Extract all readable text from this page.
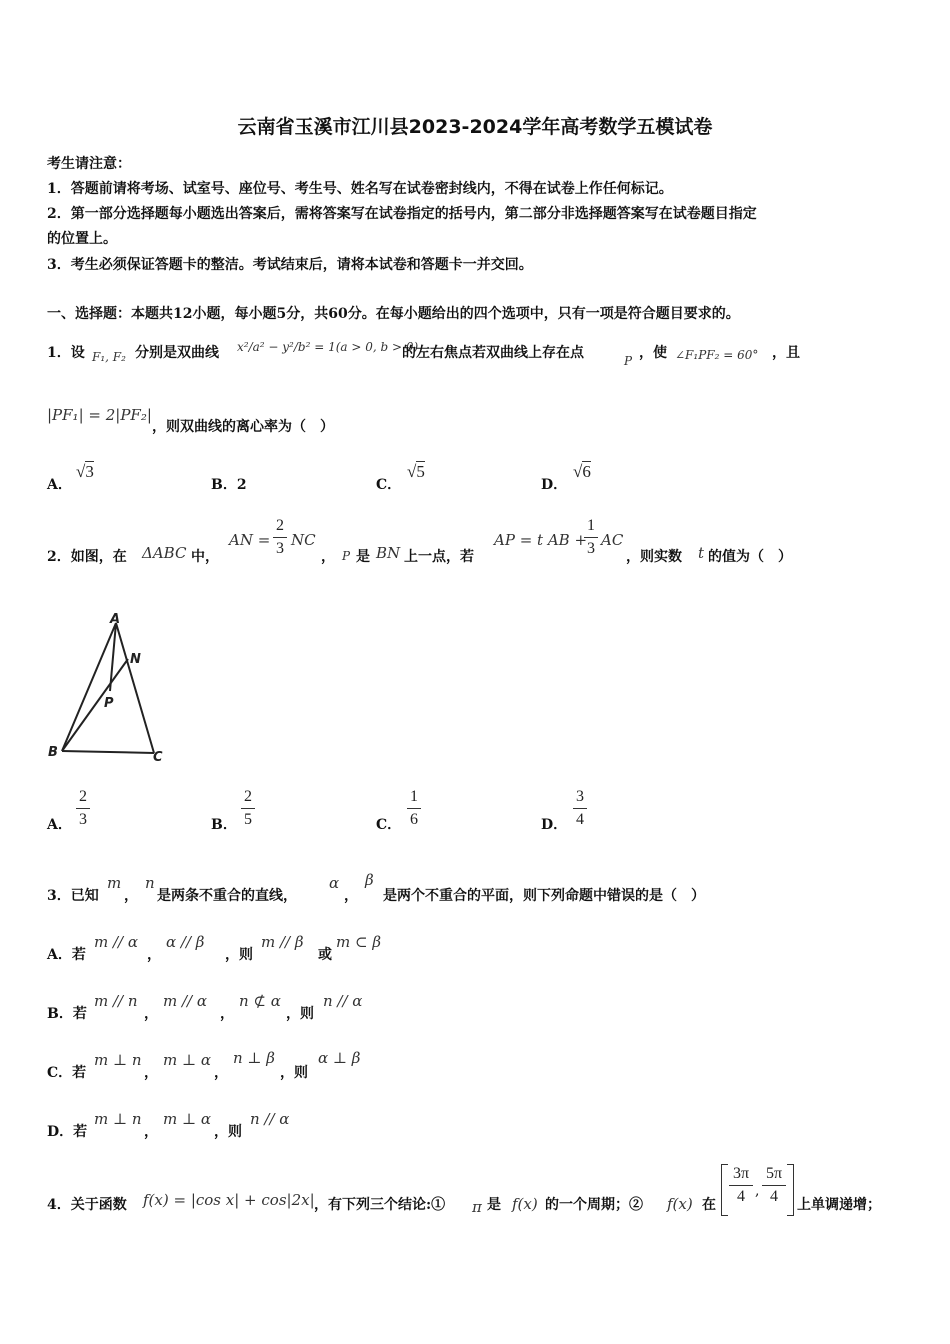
云南省玉溪市江川县2023-2024学年高考数学五模试卷
考生请注意：
1．答题前请将考场、试室号、座位号、考生号、姓名写在试卷密封线内，不得在试卷上作任何标记。
2．第一部分选择题每小题选出答案后，需将答案写在试卷指定的括号内，第二部分非选择题答案写在试卷题目指定
的位置上。
3．考生必须保证答题卡的整洁。考试结束后，请将本试卷和答题卡一并交回。
一、选择题：本题共12小题，每小题5分，共60分。在每小题给出的四个选项中，只有一项是符合题目要求的。
1．设 F₁, F₂ 分别是双曲线 x²/a² − y²/b² = 1(a > 0, b > 0)
的左右焦点若双曲线上存在点	P ，使 ∠F₁PF₂ = 60° ，且
|PF₁| = 2|PF₂|
，则双曲线的离心率为（　）
A．
√3
B．2	C．
√5
D．
√6
2．如图，在 ΔABC 中，
AN =
2
3 NC
， P 是 BN 上一点，若
AP = t AB +
1
3 AC
，则实数 t 的值为（　）
A
N
P
B	C
A．
2
3	B．
2
5	C．
1
6	D．
3
4
3．已知
m
，
n
是两条不重合的直线，
α
，
β
是两个不重合的平面，则下列命题中错误的是（　）
A．若
m // α
，
α // β
，则
m // β
或
m ⊂ β
B．若
m // n
，
m // α
，
n ⊄ α
，则
n // α
C．若
m ⊥ n
，
m ⊥ α
，
n ⊥ β
，则
α ⊥ β
D．若
m ⊥ n
，
m ⊥ α
，则
n // α
4．关于函数 f(x) = |cos x| + cos|2x| ，有下列三个结论:① π 是 f(x) 的一个周期；② f(x) 在
3π
4 ,
5π
4 上单调递增；
